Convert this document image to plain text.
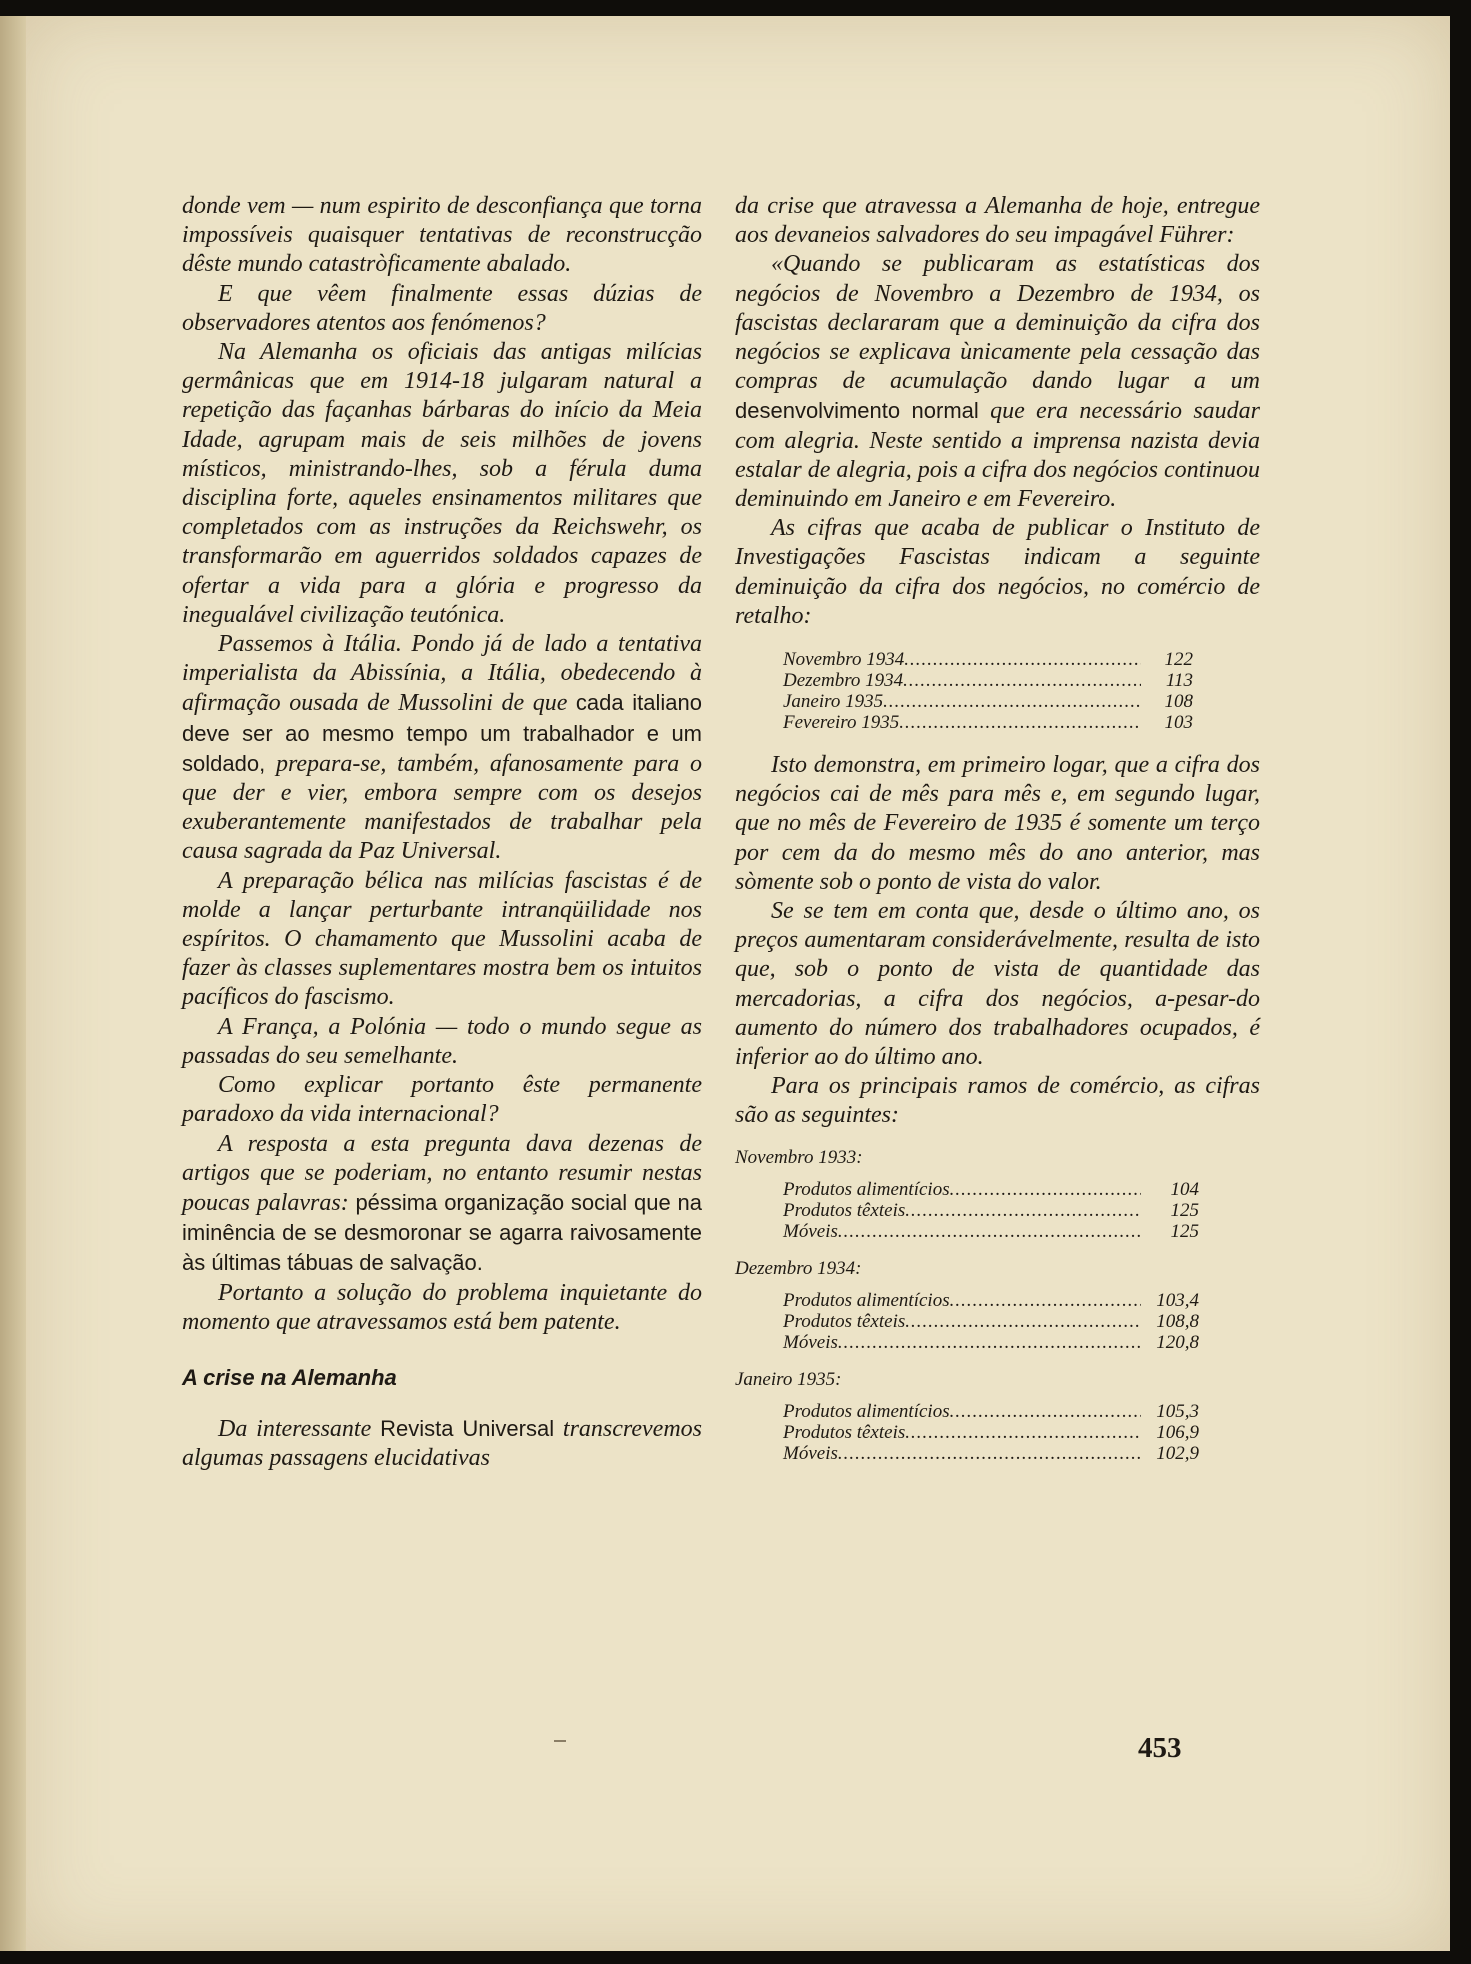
donde vem — num espirito de desconfiança que torna impossíveis quaisquer tentativas de reconstrucção dêste mundo catastròficamente abalado.

E que vêem finalmente essas dúzias de observadores atentos aos fenómenos?

Na Alemanha os oficiais das antigas milícias germânicas que em 1914-18 julgaram natural a repetição das façanhas bárbaras do início da Meia Idade, agrupam mais de seis milhões de jovens místicos, ministrando-lhes, sob a férula duma disciplina forte, aqueles ensinamentos militares que completados com as instruções da Reichswehr, os transformarão em aguerridos soldados capazes de ofertar a vida para a glória e progresso da inegualável civilização teutónica.

Passemos à Itália. Pondo já de lado a tentativa imperialista da Abissínia, a Itália, obedecendo à afirmação ousada de Mussolini de que cada italiano deve ser ao mesmo tempo um trabalhador e um soldado, prepara-se, também, afanosamente para o que der e vier, embora sempre com os desejos exuberantemente manifestados de trabalhar pela causa sagrada da Paz Universal.

A preparação bélica nas milícias fascistas é de molde a lançar perturbante intranqüilidade nos espíritos. O chamamento que Mussolini acaba de fazer às classes suplementares mostra bem os intuitos pacíficos do fascismo.

A França, a Polónia — todo o mundo segue as passadas do seu semelhante.

Como explicar portanto êste permanente paradoxo da vida internacional?

A resposta a esta pregunta dava dezenas de artigos que se poderiam, no entanto resumir nestas poucas palavras: péssima organização social que na iminência de se desmoronar se agarra raivosamente às últimas tábuas de salvação.

Portanto a solução do problema inquietante do momento que atravessamos está bem patente.

A crise na Alemanha

Da interessante Revista Universal transcrevemos algumas passagens elucidativas

da crise que atravessa a Alemanha de hoje, entregue aos devaneios salvadores do seu impagável Führer:

«Quando se publicaram as estatísticas dos negócios de Novembro a Dezembro de 1934, os fascistas declararam que a deminuição da cifra dos negócios se explicava ùnicamente pela cessação das compras de acumulação dando lugar a um desenvolvimento normal que era necessário saudar com alegria. Neste sentido a imprensa nazista devia estalar de alegria, pois a cifra dos negócios continuou deminuindo em Janeiro e em Fevereiro.

As cifras que acaba de publicar o Instituto de Investigações Fascistas indicam a seguinte deminuição da cifra dos negócios, no comércio de retalho:

Novembro 1934 .....	122
Dezembro 1934 .....	113
Janeiro 1935 .....	108
Fevereiro 1935 .....	103

Isto demonstra, em primeiro logar, que a cifra dos negócios cai de mês para mês e, em segundo lugar, que no mês de Fevereiro de 1935 é somente um terço por cem da do mesmo mês do ano anterior, mas sòmente sob o ponto de vista do valor.

Se se tem em conta que, desde o último ano, os preços aumentaram considerávelmente, resulta de isto que, sob o ponto de vista de quantidade das mercadorias, a cifra dos negócios, a-pesar-do aumento do número dos trabalhadores ocupados, é inferior ao do último ano.

Para os principais ramos de comércio, as cifras são as seguintes:

Novembro 1933:
Produtos alimentícios .....	104
Produtos têxteis .....	125
Móveis .....	125
Dezembro 1934:
Produtos alimentícios .....	103,4
Produtos têxteis .....	108,8
Móveis .....	120,8
Janeiro 1935:
Produtos alimentícios .....	105,3
Produtos têxteis .....	106,9
Móveis .....	102,9
453
